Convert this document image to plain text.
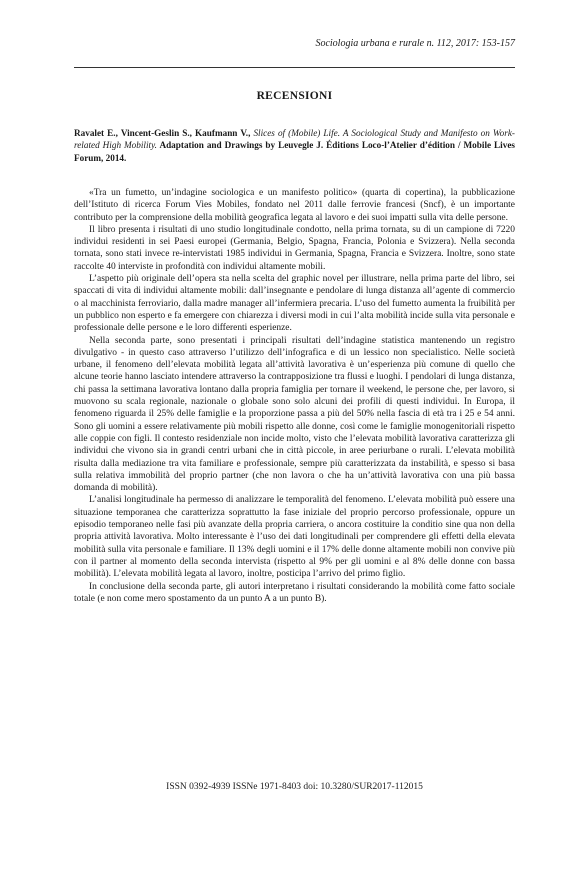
Sociologia urbana e rurale n. 112, 2017: 153-157
RECENSIONI
Ravalet E., Vincent-Geslin S., Kaufmann V., Slices of (Mobile) Life. A Sociological Study and Manifesto on Work-related High Mobility. Adaptation and Drawings by Leuvegle J. Éditions Loco-l’Atelier d’édition / Mobile Lives Forum, 2014.

«Tra un fumetto, un’indagine sociologica e un manifesto politico» (quarta di copertina), la pubblicazione dell’Istituto di ricerca Forum Vies Mobiles, fondato nel 2011 dalle ferrovie francesi (Sncf), è un importante contributo per la comprensione della mobilità geografica legata al lavoro e dei suoi impatti sulla vita delle persone.

Il libro presenta i risultati di uno studio longitudinale condotto, nella prima tornata, su di un campione di 7220 individui residenti in sei Paesi europei (Germania, Belgio, Spagna, Francia, Polonia e Svizzera). Nella seconda tornata, sono stati invece re-intervistati 1985 individui in Germania, Spagna, Francia e Svizzera. Inoltre, sono state raccolte 40 interviste in profondità con individui altamente mobili.

L’aspetto più originale dell’opera sta nella scelta del graphic novel per illustrare, nella prima parte del libro, sei spaccati di vita di individui altamente mobili: dall’insegnante e pendolare di lunga distanza all’agente di commercio o al macchinista ferroviario, dalla madre manager all’infermiera precaria. L’uso del fumetto aumenta la fruibilità per un pubblico non esperto e fa emergere con chiarezza i diversi modi in cui l’alta mobilità incide sulla vita personale e professionale delle persone e le loro differenti esperienze.

Nella seconda parte, sono presentati i principali risultati dell’indagine statistica mantenendo un registro divulgativo - in questo caso attraverso l’utilizzo dell’infografica e di un lessico non specialistico. Nelle società urbane, il fenomeno dell’elevata mobilità legata all’attività lavorativa è un’esperienza più comune di quello che alcune teorie hanno lasciato intendere attraverso la contrapposizione tra flussi e luoghi. I pendolari di lunga distanza, chi passa la settimana lavorativa lontano dalla propria famiglia per tornare il weekend, le persone che, per lavoro, si muovono su scala regionale, nazionale o globale sono solo alcuni dei profili di questi individui. In Europa, il fenomeno riguarda il 25% delle famiglie e la proporzione passa a più del 50% nella fascia di età tra i 25 e 54 anni. Sono gli uomini a essere relativamente più mobili rispetto alle donne, così come le famiglie monogenitoriali rispetto alle coppie con figli. Il contesto residenziale non incide molto, visto che l’elevata mobilità lavorativa caratterizza gli individui che vivono sia in grandi centri urbani che in città piccole, in aree periurbane o rurali. L’elevata mobilità risulta dalla mediazione tra vita familiare e professionale, sempre più caratterizzata da instabilità, e spesso si basa sulla relativa immobilità del proprio partner (che non lavora o che ha un’attività lavorativa con una più bassa domanda di mobilità).

L’analisi longitudinale ha permesso di analizzare le temporalità del fenomeno. L’elevata mobilità può essere una situazione temporanea che caratterizza soprattutto la fase iniziale del proprio percorso professionale, oppure un episodio temporaneo nelle fasi più avanzate della propria carriera, o ancora costituire la conditio sine qua non della propria attività lavorativa. Molto interessante è l’uso dei dati longitudinali per comprendere gli effetti della elevata mobilità sulla vita personale e familiare. Il 13% degli uomini e il 17% delle donne altamente mobili non convive più con il partner al momento della seconda intervista (rispetto al 9% per gli uomini e al 8% delle donne con bassa mobilità). L’elevata mobilità legata al lavoro, inoltre, posticipa l’arrivo del primo figlio.

In conclusione della seconda parte, gli autori interpretano i risultati considerando la mobilità come fatto sociale totale (e non come mero spostamento da un punto A a un punto B).

ISSN 0392-4939 ISSNe 1971-8403 doi: 10.3280/SUR2017-112015
